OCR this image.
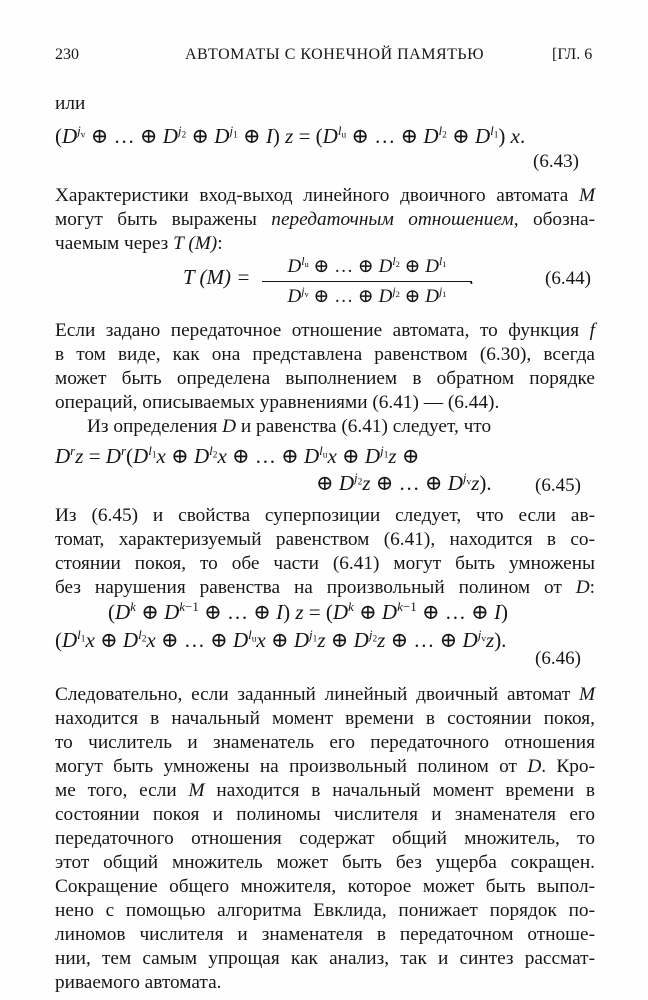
230	АВТОМАТЫ С КОНЕЧНОЙ ПАМЯТЬЮ	[ГЛ. 6
или
($D^{j_v}$ ⊕ … ⊕ $D^{j_2}$ ⊕ $D^{j_1}$ ⊕ I) $z = (D^{l_u}$ ⊕ … ⊕ $D^{l_2}$ ⊕ $D^{l_1}$) x.
(6.43)
Характеристики вход-выход линейного двоичного автомата M
могут быть выражены передаточным отношением, обозна-
чаемым через T (M):
T (M) =	$D^{l_u}$ ⊕ … ⊕ $D^{l_2}$ ⊕ $D^{l_1}$
$D^{j_v}$ ⊕ … ⊕ $D^{j_2}$ ⊕ $D^{j_1}$
.	(6.44)
Если задано передаточное отношение автомата, то функция f
в том виде, как она представлена равенством (6.30), всегда
может быть определена выполнением в обратном порядке
операций, описываемых уравнениями (6.41) — (6.44).
Из определения D и равенства (6.41) следует, что
$D^rz = D^r(D^{l_1}x$ ⊕ $D^{l_2}x$ ⊕ … ⊕ $D^{l_u}x$ ⊕ $D^{j_1}z$ ⊕
⊕ $D^{j_2}z$ ⊕ … ⊕ $D^{j_v}z$).	(6.45)
Из (6.45) и свойства суперпозиции следует, что если ав-
томат, характеризуемый равенством (6.41), находится в со-
стоянии покоя, то обе части (6.41) могут быть умножены
без нарушения равенства на произвольный полином от D:
($D^k$ ⊕ $D^{k-1}$ ⊕ … ⊕ I) $z = (D^k$ ⊕ $D^{k-1}$ ⊕ … ⊕ I)
($D^{l_1}x$ ⊕ $D^{l_2}x$ ⊕ … ⊕ $D^{l_u}x$ ⊕ $D^{j_1}z$ ⊕ $D^{j_2}z$ ⊕ … ⊕ $D^{j_v}z$).
(6.46)
Следовательно, если заданный линейный двоичный автомат M
находится в начальный момент времени в состоянии покоя,
то числитель и знаменатель его передаточного отношения
могут быть умножены на произвольный полином от D. Кро-
ме того, если M находится в начальный момент времени в
состоянии покоя и полиномы числителя и знаменателя его
передаточного отношения содержат общий множитель, то
этот общий множитель может быть без ущерба сокращен.
Сокращение общего множителя, которое может быть выпол-
нено с помощью алгоритма Евклида, понижает порядок по-
линомов числителя и знаменателя в передаточном отноше-
нии, тем самым упрощая как анализ, так и синтез рассмат-
риваемого автомата.
